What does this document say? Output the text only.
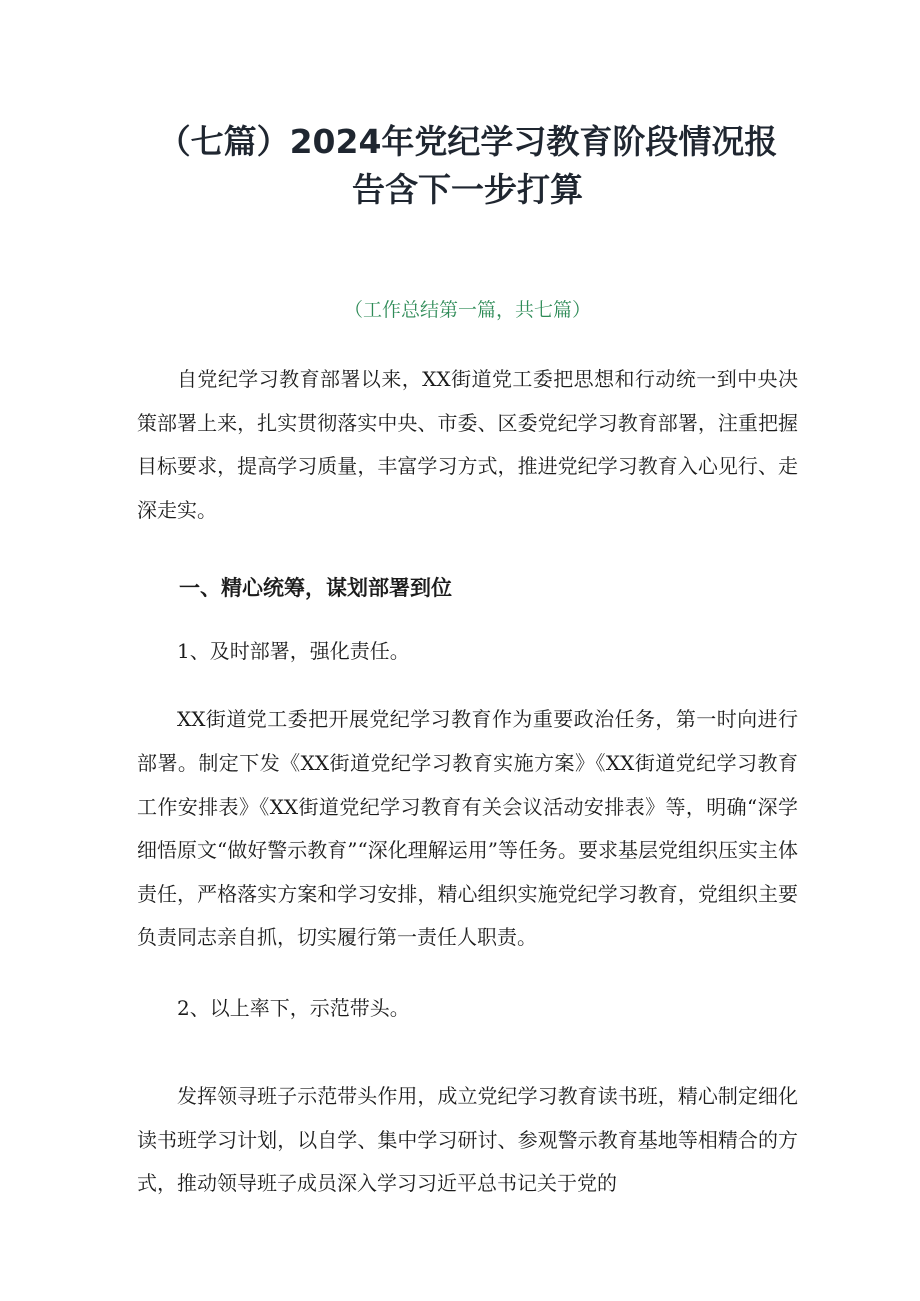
（七篇）2024年党纪学习教育阶段情况报
告含下一步打算

（工作总结第一篇，共七篇）

自党纪学习教育部署以来，XX街道党工委把思想和行动统一到中央决策部署上来，扎实贯彻落实中央、市委、区委党纪学习教育部署，注重把握目标要求，提高学习质量，丰富学习方式，推进党纪学习教育入心见行、走深走实。

一、精心统筹，谋划部署到位

1、及时部署，强化责任。

XX街道党工委把开展党纪学习教育作为重要政治任务，第一时向进行部署。制定下发《XX街道党纪学习教育实施方案》《XX街道党纪学习教育工作安排表》《XX街道党纪学习教育有关会议活动安排表》等，明确“深学细悟原文“做好警示教育”“深化理解运用”等任务。要求基层党组织压实主体责任，严格落实方案和学习安排，精心组织实施党纪学习教育，党组织主要负责同志亲自抓，切实履行第一责任人职责。

2、以上率下，示范带头。

发挥领寻班子示范带头作用，成立党纪学习教育读书班，精心制定细化读书班学习计划，以自学、集中学习研讨、参观警示教育基地等相精合的方式，推动领导班子成员深入学习习近平总书记关于党的
